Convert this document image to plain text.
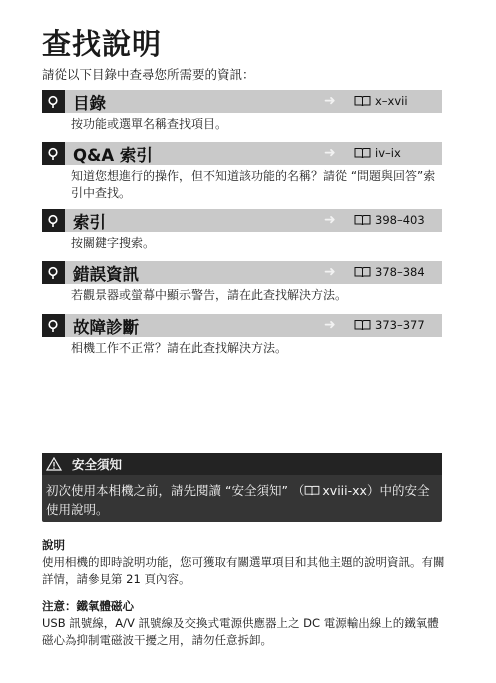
查找說明
請從以下目錄中查尋您所需要的資訊：
目錄	➜	x–xvii
按功能或選單名稱查找項目。
Q&A 索引	➜	iv–ix
知道您想進行的操作，但不知道該功能的名稱？請從 “問題與回答”索引中查找。
索引	➜	398–403
按關鍵字搜索。
錯誤資訊	➜	378–384
若觀景器或螢幕中顯示警告，請在此查找解決方法。
故障診斷	➜	373–377
相機工作不正常？請在此查找解決方法。
安全須知
初次使用本相機之前，請先閱讀 “安全須知” （ xviii-xx）中的安全使用說明。
說明
使用相機的即時說明功能，您可獲取有關選單項目和其他主題的說明資訊。有關詳情，請參見第 21 頁內容。
注意：鐵氧體磁心
USB 訊號線，A/V 訊號線及交換式電源供應器上之 DC 電源輸出線上的鐵氧體磁心為抑制電磁波干擾之用，請勿任意拆卸。
